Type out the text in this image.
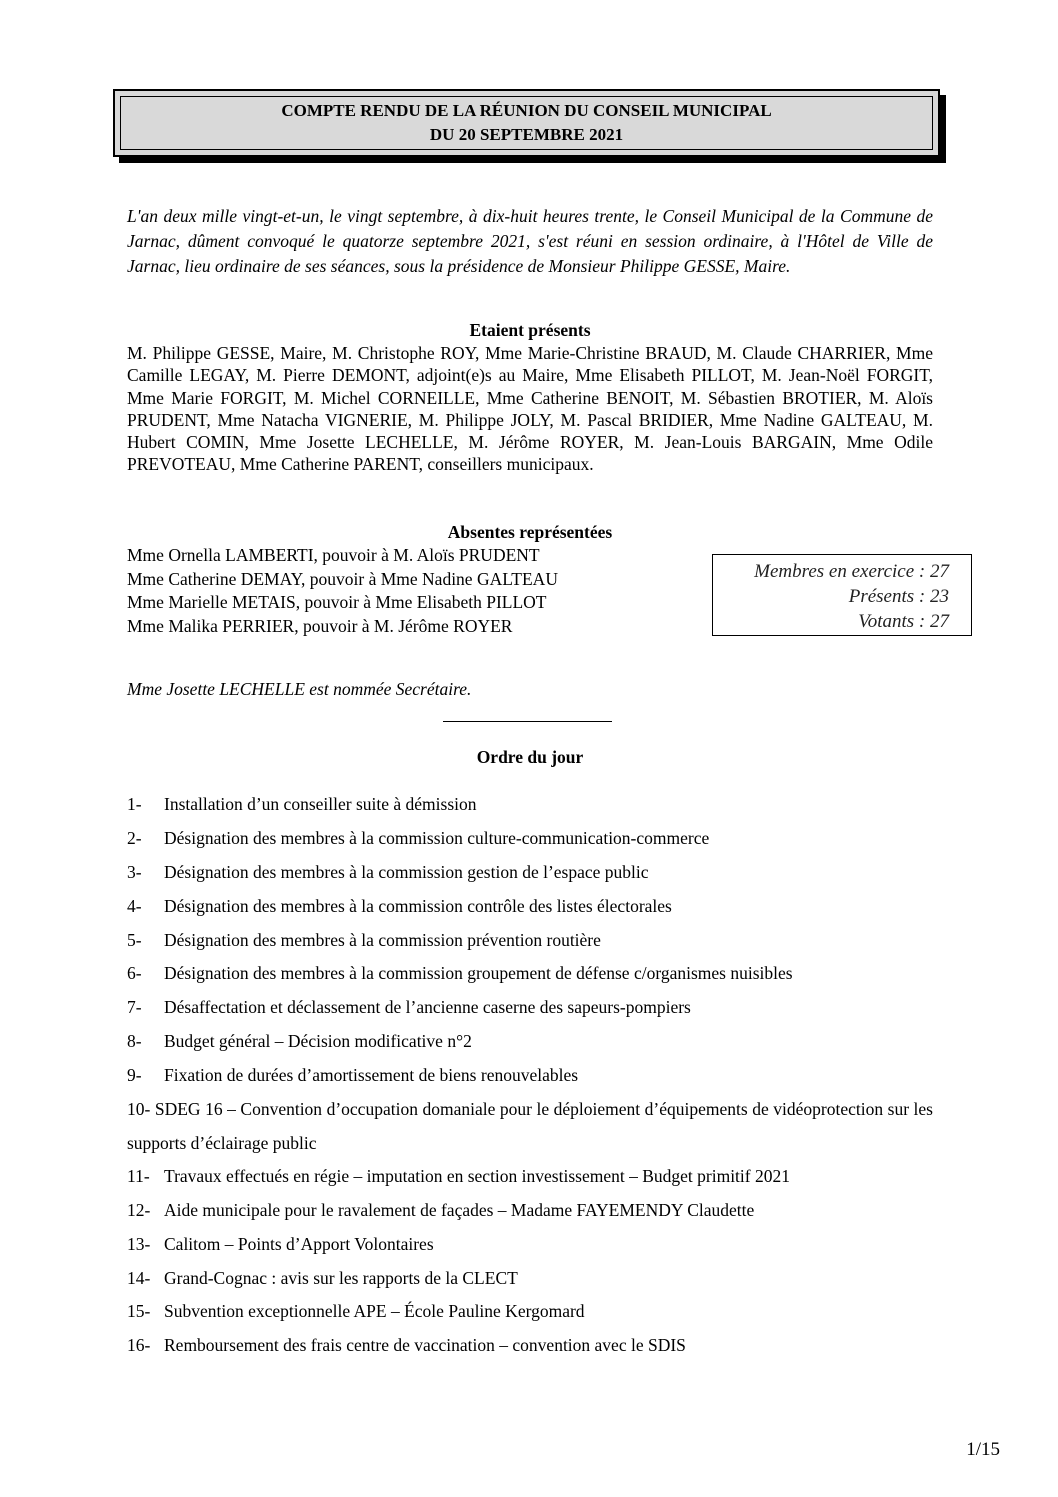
COMPTE RENDU DE LA RÉUNION DU CONSEIL MUNICIPAL
DU 20 SEPTEMBRE 2021
L'an deux mille vingt-et-un, le vingt septembre, à dix-huit heures trente, le Conseil Municipal de la Commune de Jarnac, dûment convoqué le quatorze septembre 2021, s'est réuni en session ordinaire, à l'Hôtel de Ville de Jarnac, lieu ordinaire de ses séances, sous la présidence de Monsieur Philippe GESSE, Maire.
Etaient présents
M. Philippe GESSE, Maire, M. Christophe ROY, Mme Marie-Christine BRAUD, M. Claude CHARRIER, Mme Camille LEGAY, M. Pierre DEMONT, adjoint(e)s au Maire, Mme Elisabeth PILLOT, M. Jean-Noël FORGIT, Mme Marie FORGIT, M. Michel CORNEILLE, Mme Catherine BENOIT, M. Sébastien BROTIER, M. Aloïs PRUDENT, Mme Natacha VIGNERIE, M. Philippe JOLY, M. Pascal BRIDIER, Mme Nadine GALTEAU, M. Hubert COMIN, Mme Josette LECHELLE, M. Jérôme ROYER, M. Jean-Louis BARGAIN, Mme Odile PREVOTEAU, Mme Catherine PARENT, conseillers municipaux.
Absentes représentées
Mme Ornella LAMBERTI, pouvoir à M. Aloïs PRUDENT
Mme Catherine DEMAY, pouvoir à Mme Nadine GALTEAU
Mme Marielle METAIS, pouvoir à Mme Elisabeth PILLOT
Mme Malika PERRIER, pouvoir à M. Jérôme ROYER
Membres en exercice : 27
Présents : 23
Votants : 27
Mme Josette LECHELLE est nommée Secrétaire.
Ordre du jour
1- Installation d’un conseiller suite à démission
2- Désignation des membres à la commission culture-communication-commerce
3- Désignation des membres à la commission gestion de l’espace public
4- Désignation des membres à la commission contrôle des listes électorales
5- Désignation des membres à la commission prévention routière
6- Désignation des membres à la commission groupement de défense c/organismes nuisibles
7- Désaffectation et déclassement de l’ancienne caserne des sapeurs-pompiers
8- Budget général – Décision modificative n°2
9- Fixation de durées d’amortissement de biens renouvelables
10- SDEG 16 – Convention d’occupation domaniale pour le déploiement d’équipements de vidéoprotection sur les supports d’éclairage public
11- Travaux effectués en régie – imputation en section investissement – Budget primitif 2021
12- Aide municipale pour le ravalement de façades – Madame FAYEMENDY Claudette
13- Calitom – Points d’Apport Volontaires
14- Grand-Cognac : avis sur les rapports de la CLECT
15- Subvention exceptionnelle APE – École Pauline Kergomard
16- Remboursement des frais centre de vaccination – convention avec le SDIS
1/15
